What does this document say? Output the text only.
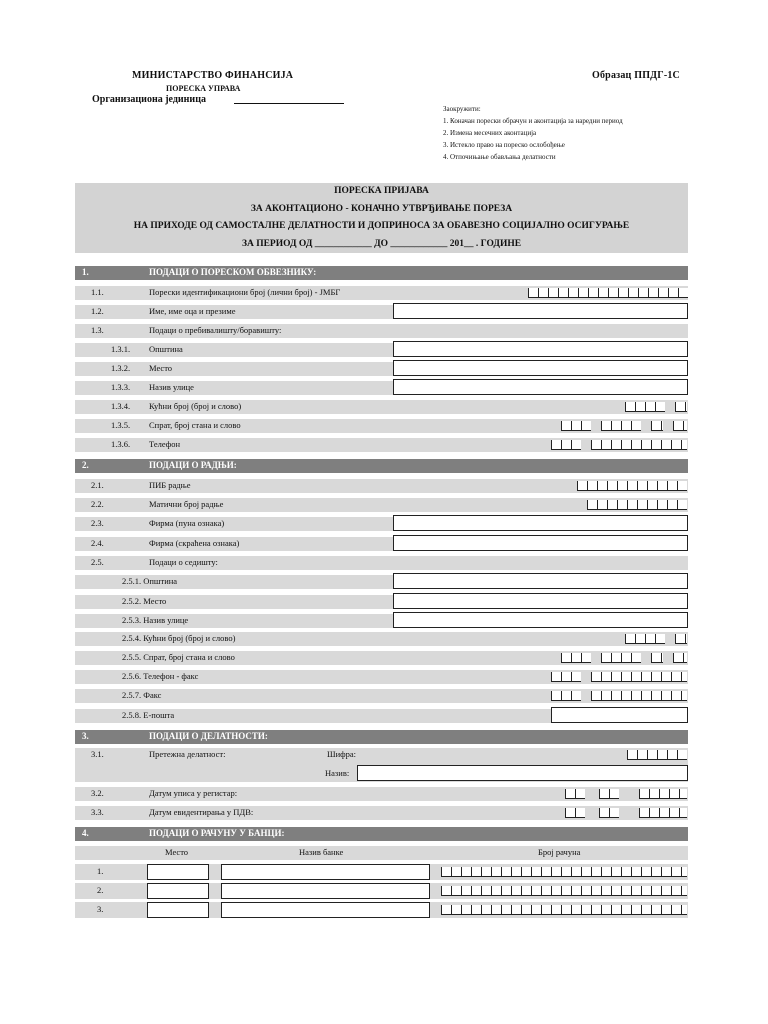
МИНИСТАРСТВО ФИНАНСИЈА
ПОРЕСКА УПРАВА
Организациона јединица
Образац ППДГ-1С
Заокружити:
1. Коначан порески обрачун и аконтација за наредни период
2. Измена месечних аконтација
3. Истекло право на пореско ослобођење
4. Отпочињање обављања делатности
ПОРЕСКА ПРИЈАВА
ЗА АКОНТАЦИОНО - КОНАЧНО УТВРЂИВАЊЕ ПОРЕЗА
НА ПРИХОДЕ ОД САМОСТАЛНЕ ДЕЛАТНОСТИ И ДОПРИНОСА ЗА ОБАВЕЗНО СОЦИЈАЛНО ОСИГУРАЊЕ
ЗА ПЕРИОД ОД ____________ ДО ____________ 201__ . ГОДИНЕ
1.	ПОДАЦИ О ПОРЕСКОМ ОБВЕЗНИКУ:
1.1.	Порески идентификациони број (лични број) - ЈМБГ
1.2.	Име, име оца и презиме
1.3.	Подаци о пребивалишту/боравишту:
1.3.1. Општина
1.3.2. Место
1.3.3. Назив улице
1.3.4. Кућни број (број и слово)
1.3.5. Спрат, број стана и слово
1.3.6. Телефон
2.	ПОДАЦИ О РАДЊИ:
2.1.	ПИБ радње
2.2.	Матични број радње
2.3.	Фирма (пуна ознака)
2.4.	Фирма (скраћена ознака)
2.5.	Подаци о седишту:
2.5.1. Општина
2.5.2. Место
2.5.3. Назив улице
2.5.4. Кућни број (број и слово)
2.5.5. Спрат, број стана и слово
2.5.6. Телефон - факс
2.5.7. Факс
2.5.8. Е-пошта
3.	ПОДАЦИ О ДЕЛАТНОСТИ:
3.1.	Претежна делатност:	Шифра:
Назив:
3.2.	Датум уписа у регистар:
3.3.	Датум евидентирања у ПДВ:
4.	ПОДАЦИ О РАЧУНУ У БАНЦИ:
Место	Назив банке	Број рачуна
1.
2.
3.
